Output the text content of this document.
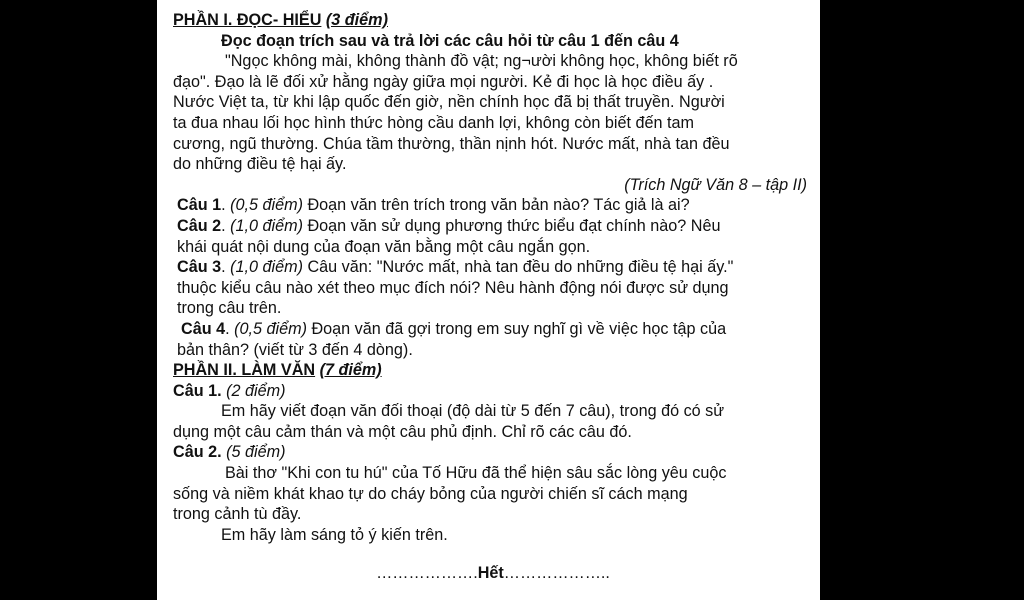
PHẦN I. ĐỌC- HIỂU (3 điểm)
Đọc đoạn trích sau và trả lời các câu hỏi từ câu 1 đến câu 4
"Ngọc không mài, không thành đồ vật; ng¬ười không học, không biết rõ
đạo". Đạo là lẽ đối xử hằng ngày giữa mọi người. Kẻ đi học là học điều ấy .
Nước Việt ta, từ khi lập quốc đến giờ, nền chính học đã bị thất truyền. Người
ta đua nhau lối học hình thức hòng cầu danh lợi, không còn biết đến tam
cương, ngũ thường. Chúa tầm thường, thần nịnh hót. Nước mất, nhà tan đều
do những điều tệ hại ấy.
(Trích Ngữ Văn 8 – tập II)
Câu 1. (0,5 điểm) Đoạn văn trên trích trong văn bản nào? Tác giả là ai?
Câu 2. (1,0 điểm) Đoạn văn sử dụng phương thức biểu đạt chính nào? Nêu
khái quát nội dung của đoạn văn bằng một câu ngắn gọn.
Câu 3. (1,0 điểm) Câu văn: "Nước mất, nhà tan đều do những điều tệ hại ấy."
thuộc kiểu câu nào xét theo mục đích nói? Nêu hành động nói được sử dụng
trong câu trên.
Câu 4. (0,5 điểm) Đoạn văn đã gợi trong em suy nghĩ gì về việc học tập của
bản thân? (viết từ 3 đến 4 dòng).
PHẦN II. LÀM VĂN (7 điểm)
Câu 1. (2 điểm)
Em hãy viết đoạn văn đối thoại (độ dài từ 5 đến 7 câu), trong đó có sử
dụng một câu cảm thán và một câu phủ định. Chỉ rõ các câu đó.
Câu 2. (5 điểm)
Bài thơ "Khi con tu hú" của Tố Hữu đã thể hiện sâu sắc lòng yêu cuộc
sống và niềm khát khao tự do cháy bỏng của người chiến sĩ cách mạng
trong cảnh tù đầy.
Em hãy làm sáng tỏ ý kiến trên.
……………….Hết………………..
